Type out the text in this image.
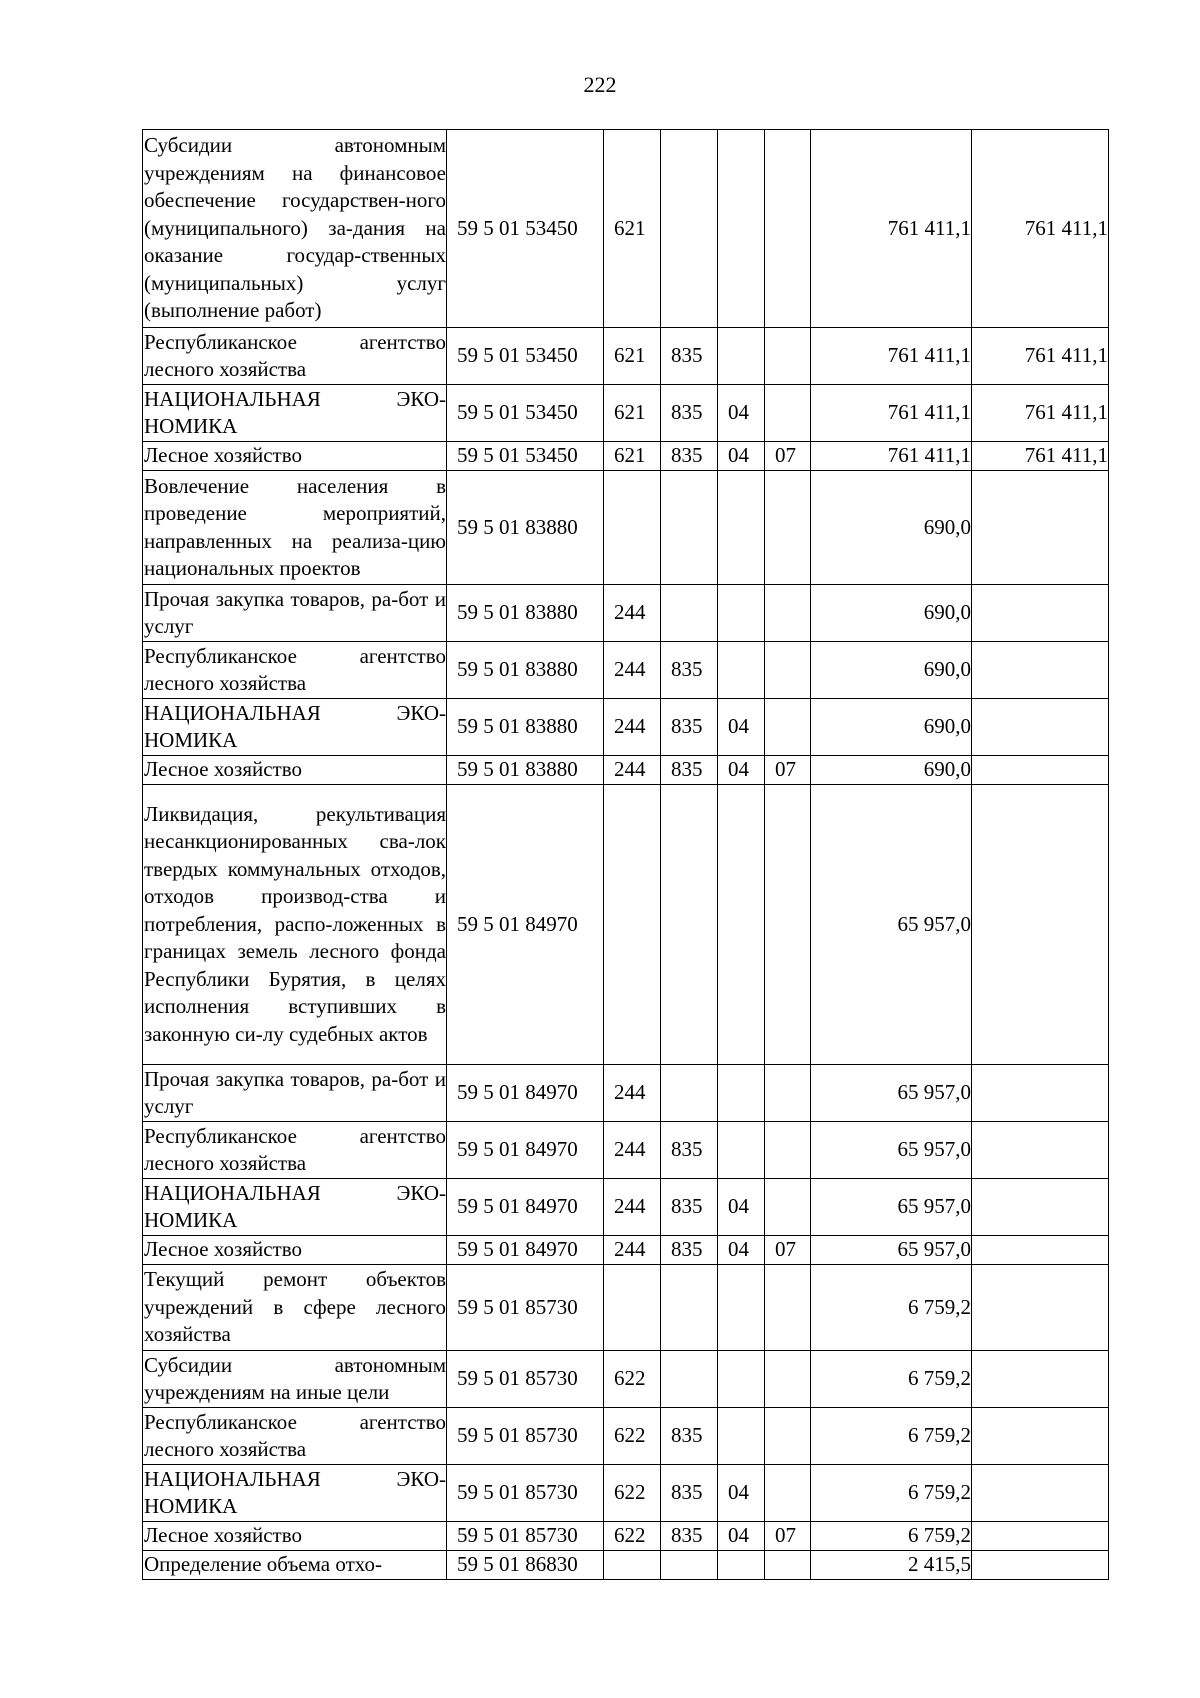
222
Субсидии автономным учреждениям на финансовое обеспечение государствен-ного (муниципального) за-дания на оказание государ-ственных (муниципальных) услуг (выполнение работ)	59 5 01 53450	621				761 411,1	761 411,1
Республиканское агентство лесного хозяйства	59 5 01 53450	621	835			761 411,1	761 411,1
НАЦИОНАЛЬНАЯ ЭКО-НОМИКА	59 5 01 53450	621	835	04		761 411,1	761 411,1
Лесное хозяйство	59 5 01 53450	621	835	04	07	761 411,1	761 411,1
Вовлечение населения в проведение мероприятий, направленных на реализа-цию национальных проектов	59 5 01 83880					690,0	
Прочая закупка товаров, ра-бот и услуг	59 5 01 83880	244				690,0	
Республиканское агентство лесного хозяйства	59 5 01 83880	244	835			690,0	
НАЦИОНАЛЬНАЯ ЭКО-НОМИКА	59 5 01 83880	244	835	04		690,0	
Лесное хозяйство	59 5 01 83880	244	835	04	07	690,0	
Ликвидация, рекультивация несанкционированных сва-лок твердых коммунальных отходов, отходов производ-ства и потребления, распо-ложенных в границах земель лесного фонда Республики Бурятия, в целях исполнения вступивших в законную си-лу судебных актов	59 5 01 84970					65 957,0	
Прочая закупка товаров, ра-бот и услуг	59 5 01 84970	244				65 957,0	
Республиканское агентство лесного хозяйства	59 5 01 84970	244	835			65 957,0	
НАЦИОНАЛЬНАЯ ЭКО-НОМИКА	59 5 01 84970	244	835	04		65 957,0	
Лесное хозяйство	59 5 01 84970	244	835	04	07	65 957,0	
Текущий ремонт объектов учреждений в сфере лесного хозяйства	59 5 01 85730					6 759,2	
Субсидии автономным учреждениям на иные цели	59 5 01 85730	622				6 759,2	
Республиканское агентство лесного хозяйства	59 5 01 85730	622	835			6 759,2	
НАЦИОНАЛЬНАЯ ЭКО-НОМИКА	59 5 01 85730	622	835	04		6 759,2	
Лесное хозяйство	59 5 01 85730	622	835	04	07	6 759,2	
Определение объема отхо-	59 5 01 86830					2 415,5	
